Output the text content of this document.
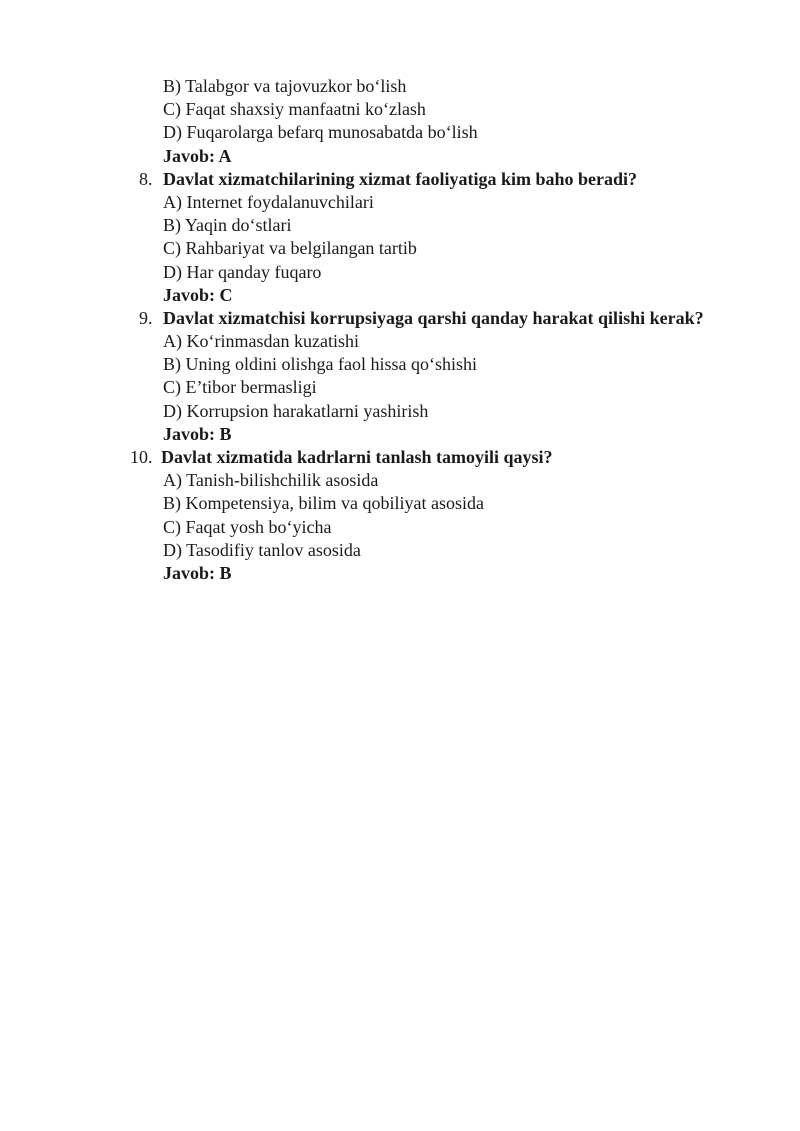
B) Talabgor va tajovuzkor bo‘lish
C) Faqat shaxsiy manfaatni ko‘zlash
D) Fuqarolarga befarq munosabatda bo‘lish
Javob: A
8. Davlat xizmatchilarining xizmat faoliyatiga kim baho beradi?
A) Internet foydalanuvchilari
B) Yaqin do‘stlari
C) Rahbariyat va belgilangan tartib
D) Har qanday fuqaro
Javob: C
9. Davlat xizmatchisi korrupsiyaga qarshi qanday harakat qilishi kerak?
A) Ko‘rinmasdan kuzatishi
B) Uning oldini olishga faol hissa qo‘shishi
C) E’tibor bermasligi
D) Korrupsion harakatlarni yashirish
Javob: B
10. Davlat xizmatida kadrlarni tanlash tamoyili qaysi?
A) Tanish-bilishchilik asosida
B) Kompetensiya, bilim va qobiliyat asosida
C) Faqat yosh bo‘yicha
D) Tasodifiy tanlov asosida
Javob: B
